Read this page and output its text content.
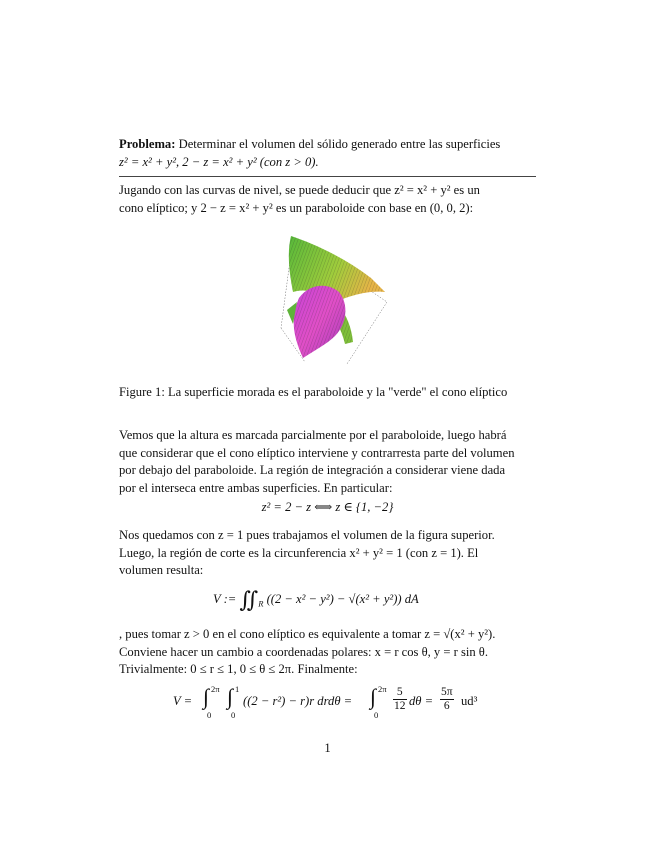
Problema: Determinar el volumen del sólido generado entre las superficies
z² = x² + y², 2 − z = x² + y² (con z > 0).
Jugando con las curvas de nivel, se puede deducir que z² = x² + y² es un
cono elíptico; y 2 − z = x² + y² es un paraboloide con base en (0, 0, 2):
Figure 1: La superficie morada es el paraboloide y la "verde" el cono elíptico
Vemos que la altura es marcada parcialmente por el paraboloide, luego habrá
que considerar que el cono elíptico interviene y contrarresta parte del volumen
por debajo del paraboloide. La región de integración a considerar viene dada
por el interseca entre ambas superficies. En particular:
z² = 2 − z ⟺ z ∈ {1, −2}
Nos quedamos con z = 1 pues trabajamos el volumen de la figura superior.
Luego, la región de corte es la circunferencia x² + y² = 1 (con z = 1). El
volumen resulta:
V := $∬_R$ ((2 − x² − y²) − √(x² + y²)) dA
, pues tomar z > 0 en el cono elíptico es equivalente a tomar z = √(x² + y²).
Conviene hacer un cambio a coordenadas polares: x = r cos θ, y = r sin θ.
Trivialmente: 0 ≤ r ≤ 1, 0 ≤ θ ≤ 2π. Finalmente:
V = ∫ 2π
0
∫ 1
0
((2 − r²) − r)r drdθ = ∫ 2π
0
$\frac{5}{12}$ $d\theta = \frac{5\pi}{6} ud^3$
1
